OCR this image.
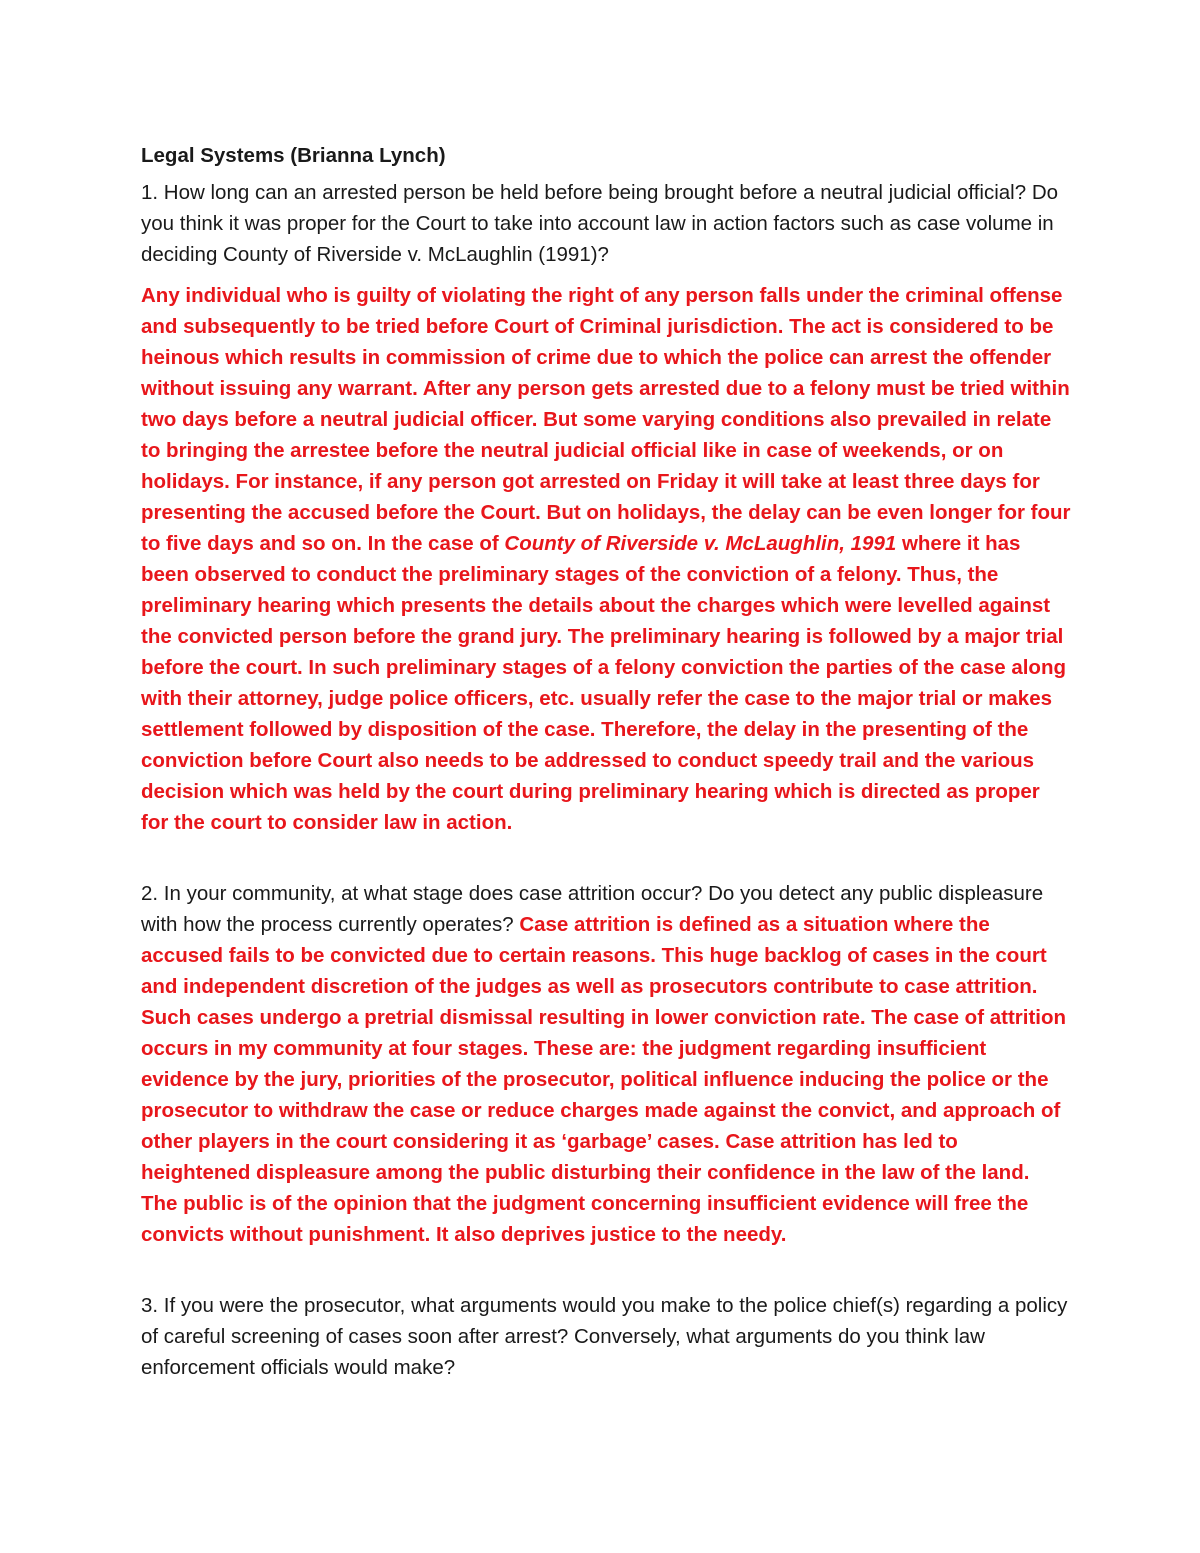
Legal Systems (Brianna Lynch)

1. How long can an arrested person be held before being brought before a neutral judicial official? Do you think it was proper for the Court to take into account law in action factors such as case volume in deciding County of Riverside v. McLaughlin (1991)?

Any individual who is guilty of violating the right of any person falls under the criminal offense and subsequently to be tried before Court of Criminal jurisdiction. The act is considered to be heinous which results in commission of crime due to which the police can arrest the offender without issuing any warrant. After any person gets arrested due to a felony must be tried within two days before a neutral judicial officer. But some varying conditions also prevailed in relate to bringing the arrestee before the neutral judicial official like in case of weekends, or on holidays. For instance, if any person got arrested on Friday it will take at least three days for presenting the accused before the Court. But on holidays, the delay can be even longer for four to five days and so on. In the case of County of Riverside v. McLaughlin, 1991 where it has been observed to conduct the preliminary stages of the conviction of a felony. Thus, the preliminary hearing which presents the details about the charges which were levelled against the convicted person before the grand jury. The preliminary hearing is followed by a major trial before the court. In such preliminary stages of a felony conviction the parties of the case along with their attorney, judge police officers, etc. usually refer the case to the major trial or makes settlement followed by disposition of the case. Therefore, the delay in the presenting of the conviction before Court also needs to be addressed to conduct speedy trail and the various decision which was held by the court during preliminary hearing which is directed as proper for the court to consider law in action.

2. In your community, at what stage does case attrition occur? Do you detect any public displeasure with how the process currently operates? Case attrition is defined as a situation where the accused fails to be convicted due to certain reasons. This huge backlog of cases in the court and independent discretion of the judges as well as prosecutors contribute to case attrition. Such cases undergo a pretrial dismissal resulting in lower conviction rate. The case of attrition occurs in my community at four stages. These are: the judgment regarding insufficient evidence by the jury, priorities of the prosecutor, political influence inducing the police or the prosecutor to withdraw the case or reduce charges made against the convict, and approach of other players in the court considering it as ‘garbage’ cases. Case attrition has led to heightened displeasure among the public disturbing their confidence in the law of the land. The public is of the opinion that the judgment concerning insufficient evidence will free the convicts without punishment. It also deprives justice to the needy.

3. If you were the prosecutor, what arguments would you make to the police chief(s) regarding a policy of careful screening of cases soon after arrest? Conversely, what arguments do you think law enforcement officials would make?
